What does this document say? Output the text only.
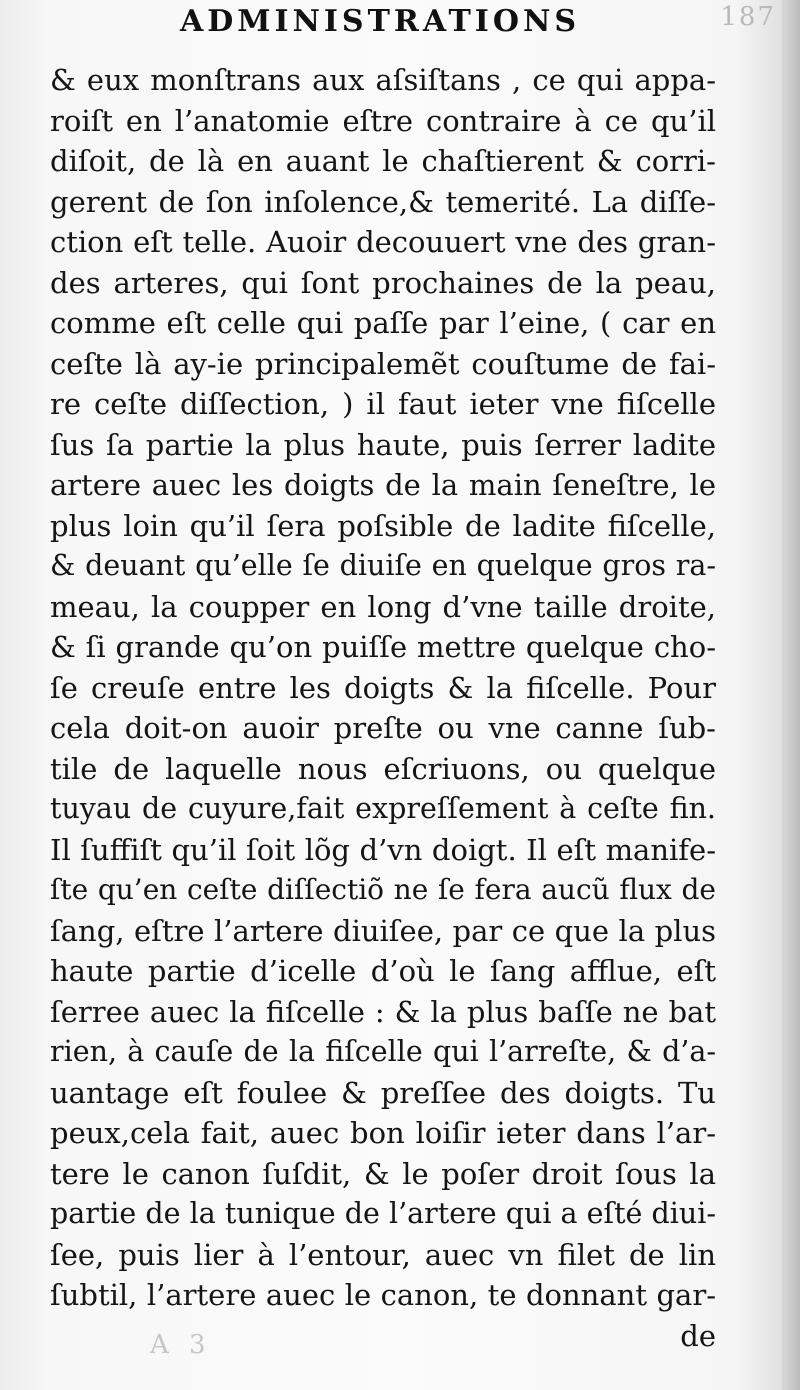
187
ADMINISTRATIONS
& eux monſtrans aux aſsiſtans , ce qui appa-
roiſt en l’anatomie eſtre contraire à ce qu’il
diſoit, de là en auant le chaſtierent & corri-
gerent de ſon inſolence,& temerité. La diſſe-
ction eſt telle. Auoir decouuert vne des gran-
des arteres, qui ſont prochaines de la peau,
comme eſt celle qui paſſe par l’eine, ( car en
ceſte là ay-ie principalemẽt couſtume de fai-
re ceſte diſſection, ) il faut ieter vne fiſcelle
ſus ſa partie la plus haute, puis ſerrer ladite
artere auec les doigts de la main ſeneſtre, le
plus loin qu’il ſera poſsible de ladite fiſcelle,
& deuant qu’elle ſe diuiſe en quelque gros ra-
meau, la coupper en long d’vne taille droite,
& ſi grande qu’on puiſſe mettre quelque cho-
ſe creuſe entre les doigts & la fiſcelle. Pour
cela doit-on auoir preſte ou vne canne ſub-
tile de laquelle nous eſcriuons, ou quelque
tuyau de cuyure,fait expreſſement à ceſte fin.
Il ſuffiſt qu’il ſoit lõg d’vn doigt. Il eſt manife-
ſte qu’en ceſte diſſectiõ ne ſe fera aucũ flux de
ſang, eſtre l’artere diuiſee, par ce que la plus
haute partie d’icelle d’où le ſang afflue, eſt
ſerree auec la fiſcelle : & la plus baſſe ne bat
rien, à cauſe de la fiſcelle qui l’arreſte, & d’a-
uantage eſt foulee & preſſee des doigts. Tu
peux,cela fait, auec bon loiſir ieter dans l’ar-
tere le canon ſuſdit, & le poſer droit ſous la
partie de la tunique de l’artere qui a eſté diui-
ſee, puis lier à l’entour, auec vn filet de lin
ſubtil, l’artere auec le canon, te donnant gar-
de
A 3
